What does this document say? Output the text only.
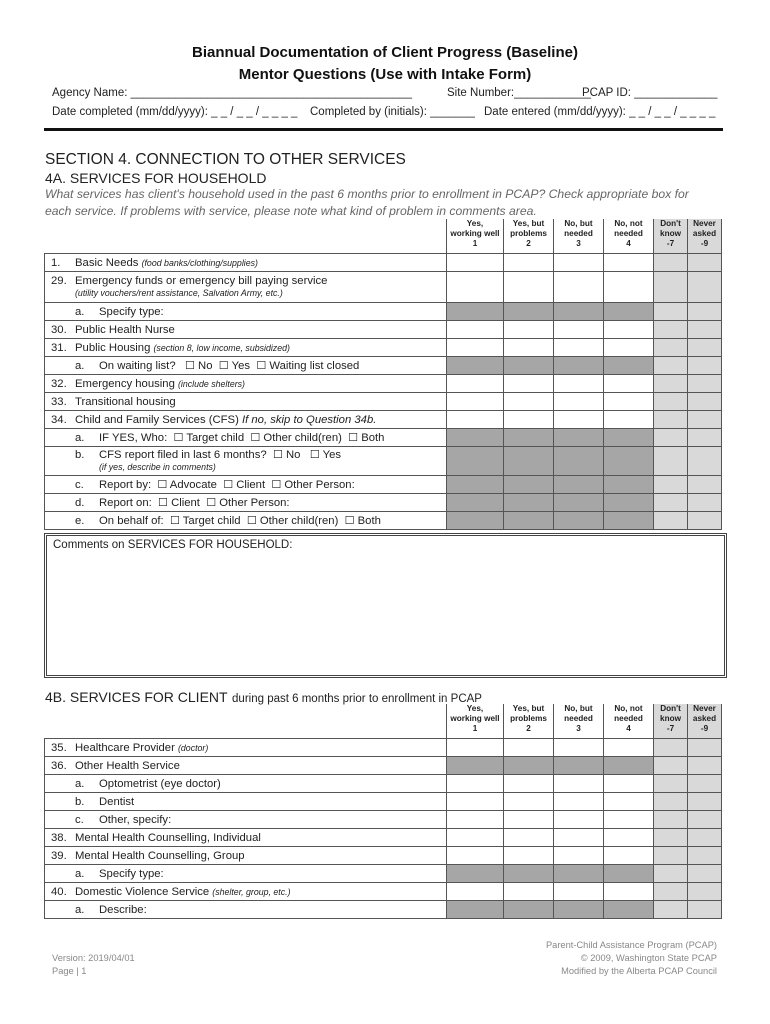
Biannual Documentation of Client Progress (Baseline)
Mentor Questions (Use with Intake Form)
Agency Name: ____________________________________________	Site Number:____________
PCAP ID: _____________
Date completed (mm/dd/yyyy): _ _ / _ _ / _ _ _ _ Completed by (initials): _______ Date entered (mm/dd/yyyy): _ _ / _ _ / _ _ _ _
SECTION 4. CONNECTION TO OTHER SERVICES
4A. SERVICES FOR HOUSEHOLD
What services has client's household used in the past 6 months prior to enrollment in PCAP? Check appropriate box for
each service. If problems with service, please note what kind of problem in comments area.
	Yes,
working well
1	Yes, but
problems
2	No, but
needed
3	No, not
needed
4	Don't
know
-7	Never
asked
-9
1. Basic Needs (food banks/clothing/supplies)						
29. Emergency funds or emergency bill paying service
(utility vouchers/rent assistance, Salvation Army, etc.)						
a. Specify type:						
30. Public Health Nurse						
31. Public Housing (section 8, low income, subsidized)						
a. On waiting list? ☐ No ☐ Yes ☐ Waiting list closed						
32. Emergency housing (include shelters)						
33. Transitional housing						
34. Child and Family Services (CFS) If no, skip to Question 34b.						
a. IF YES, Who: ☐ Target child ☐ Other child(ren) ☐ Both						
b. CFS report filed in last 6 months? ☐ No ☐ Yes
(if yes, describe in comments)						
c. Report by: ☐ Advocate ☐ Client ☐ Other Person:						
d. Report on: ☐ Client ☐ Other Person:						
e. On behalf of: ☐ Target child ☐ Other child(ren) ☐ Both						
Comments on SERVICES FOR HOUSEHOLD:
4B. SERVICES FOR CLIENT during past 6 months prior to enrollment in PCAP
	Yes,
working well
1	Yes, but
problems
2	No, but
needed
3	No, not
needed
4	Don't
know
-7	Never
asked
-9
35. Healthcare Provider (doctor)						
36. Other Health Service						
a. Optometrist (eye doctor)						
b. Dentist						
c. Other, specify:						
38. Mental Health Counselling, Individual						
39. Mental Health Counselling, Group						
a. Specify type:						
40. Domestic Violence Service (shelter, group, etc.)						
a. Describe:						
Version: 2019/04/01
Page | 1
Parent-Child Assistance Program (PCAP)
© 2009, Washington State PCAP
Modified by the Alberta PCAP Council
